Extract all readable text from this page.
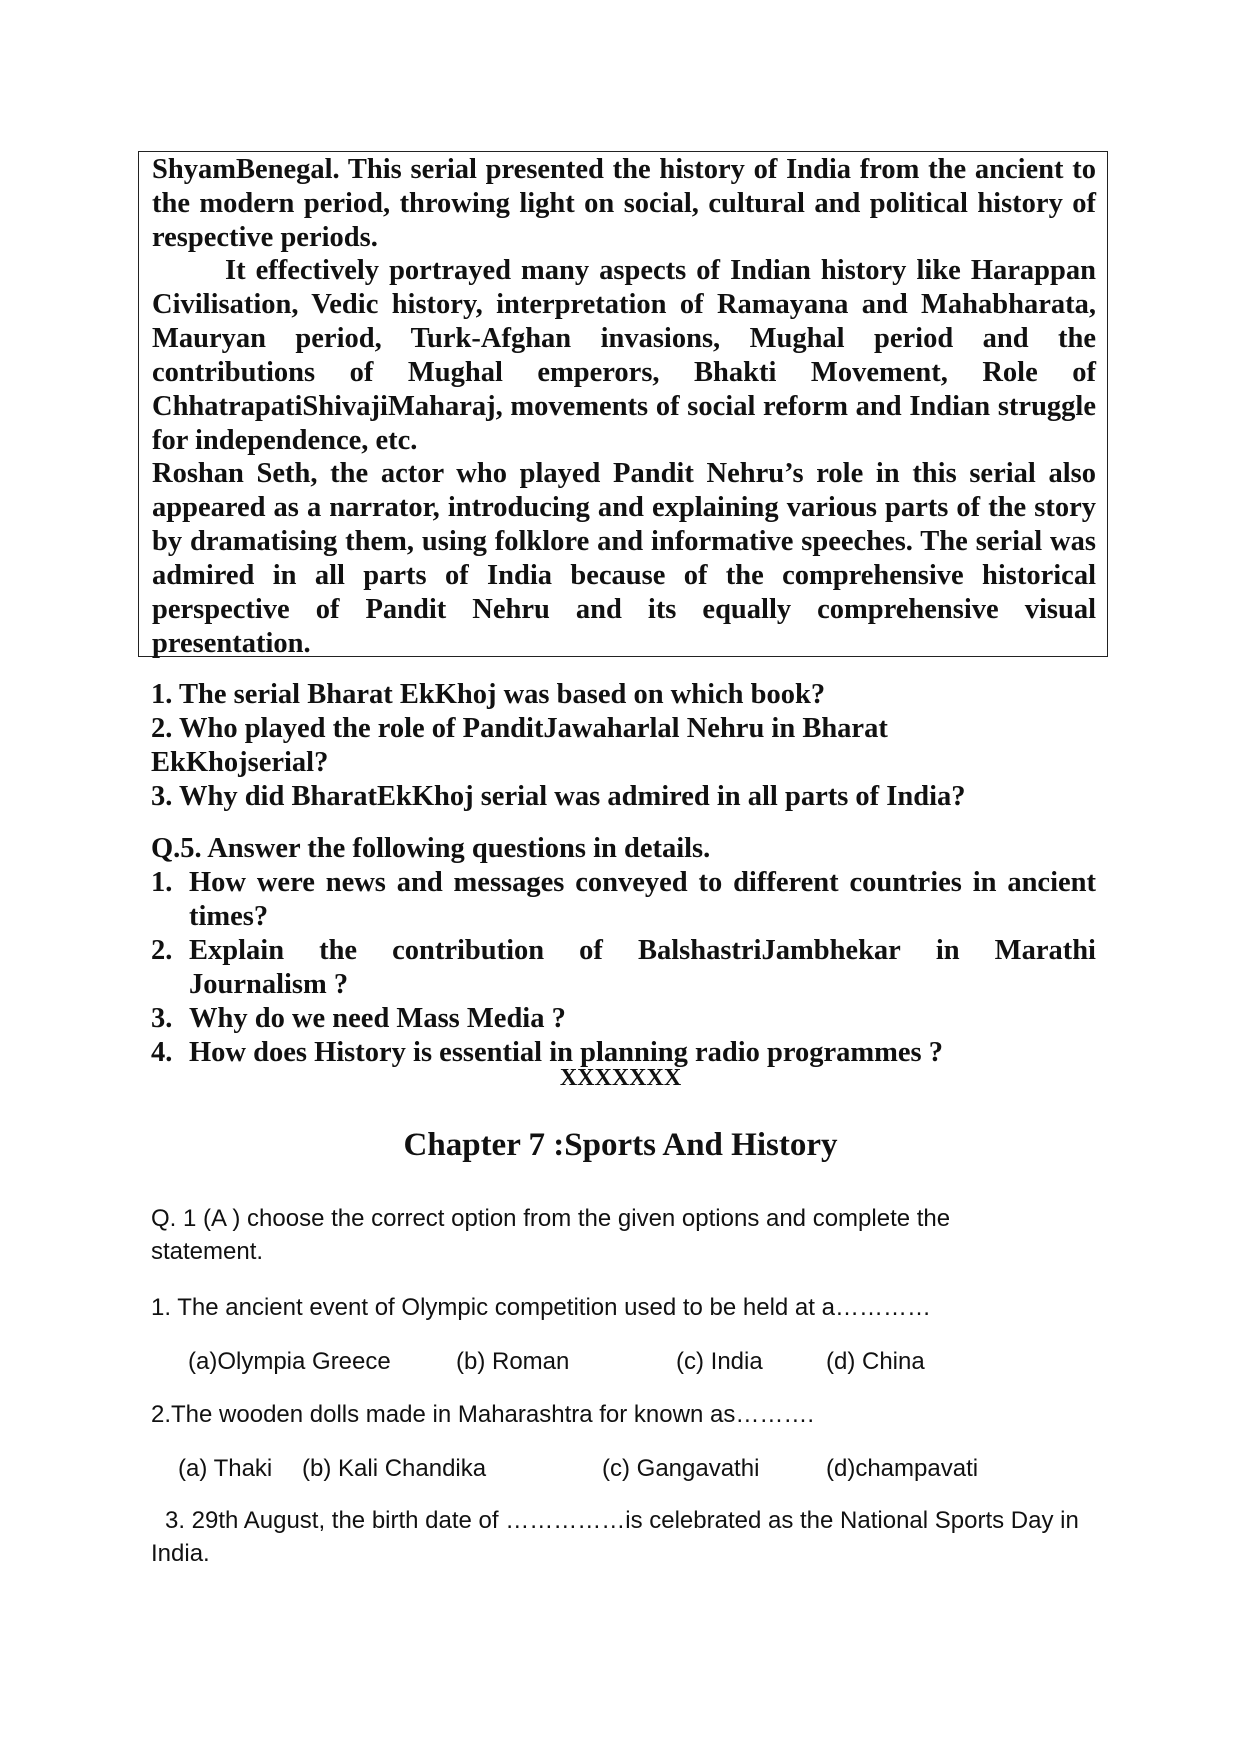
ShyamBenegal. This serial presented the history of India from the ancient to the modern period, throwing light on social, cultural and political history of respective periods.

It effectively portrayed many aspects of Indian history like Harappan Civilisation, Vedic history, interpretation of Ramayana and Mahabharata, Mauryan period, Turk-Afghan invasions, Mughal period and the contributions of Mughal emperors, Bhakti Movement, Role of ChhatrapatiShivajiMaharaj, movements of social reform and Indian struggle for independence, etc.

Roshan Seth, the actor who played Pandit Nehru’s role in this serial also appeared as a narrator, introducing and explaining various parts of the story by dramatising them, using folklore and informative speeches. The serial was admired in all parts of India because of the comprehensive historical perspective of Pandit Nehru and its equally comprehensive visual presentation.

1. The serial Bharat EkKhoj was based on which book?
2. Who played the role of PanditJawaharlal Nehru in Bharat EkKhojserial?
3. Why did BharatEkKhoj serial was admired in all parts of India?

Q.5. Answer the following questions in details.

1. How were news and messages conveyed to different countries in ancient times?
2. Explain the contribution of BalshastriJambhekar in Marathi
Journalism ?
3. Why do we need Mass Media ?
4. How does History is essential in planning radio programmes ?

XXXXXXX

Chapter 7 :Sports And History

Q. 1 (A ) choose the correct option from the given options and complete the statement.

1. The ancient event of Olympic competition used to be held at a…………

(a)Olympia Greece	(b) Roman	(c) India	(d) China

2.The wooden dolls made in Maharashtra for known as……….

(a) Thaki (b) Kali Chandika	(c) Gangavathi	(d)champavati

3. 29th August, the birth date of ……………is celebrated as the National Sports Day in India.
